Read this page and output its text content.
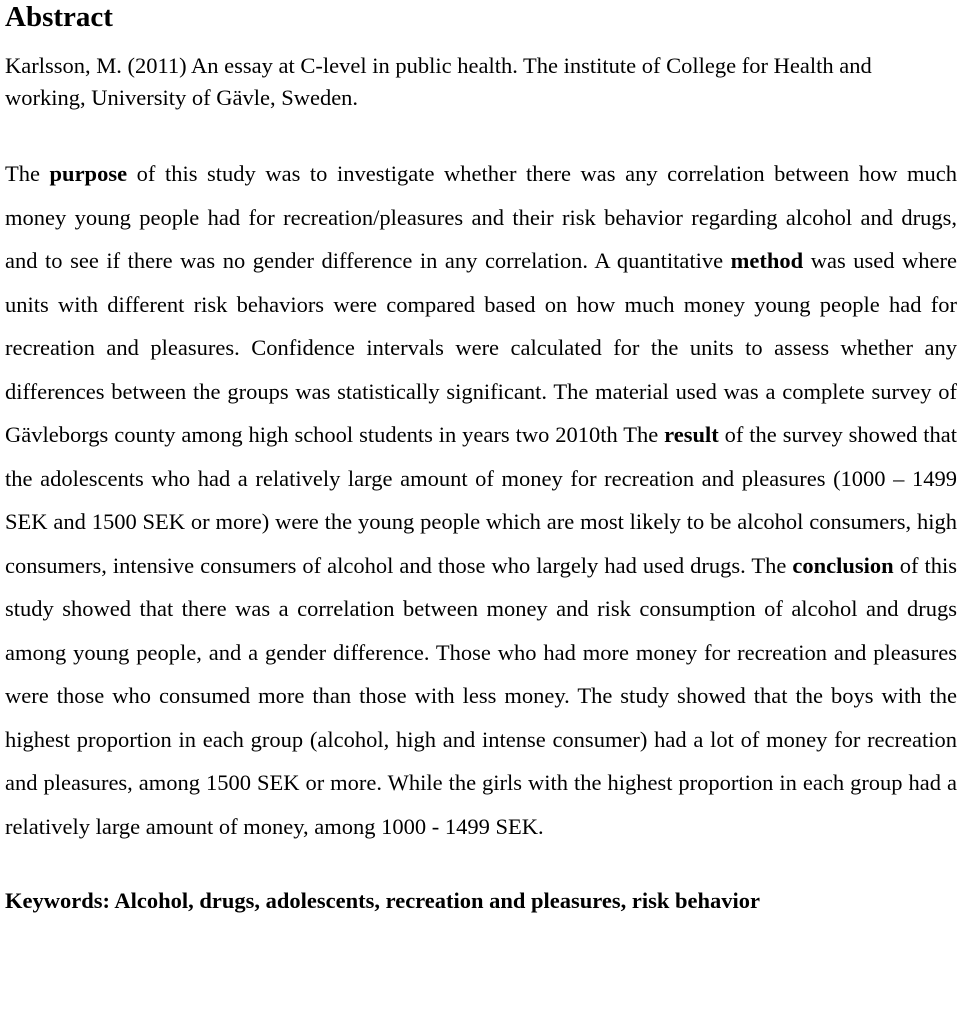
Abstract

Karlsson, M. (2011) An essay at C-level in public health. The institute of College for Health and working, University of Gävle, Sweden.

The purpose of this study was to investigate whether there was any correlation between how much money young people had for recreation/pleasures and their risk behavior regarding alcohol and drugs, and to see if there was no gender difference in any correlation. A quantitative method was used where units with different risk behaviors were compared based on how much money young people had for recreation and pleasures. Confidence intervals were calculated for the units to assess whether any differences between the groups was statistically significant. The material used was a complete survey of Gävleborgs county among high school students in years two 2010th The result of the survey showed that the adolescents who had a relatively large amount of money for recreation and pleasures (1000 – 1499 SEK and 1500 SEK or more) were the young people which are most likely to be alcohol consumers, high consumers, intensive consumers of alcohol and those who largely had used drugs. The conclusion of this study showed that there was a correlation between money and risk consumption of alcohol and drugs among young people, and a gender difference. Those who had more money for recreation and pleasures were those who consumed more than those with less money. The study showed that the boys with the highest proportion in each group (alcohol, high and intense consumer) had a lot of money for recreation and pleasures, among 1500 SEK or more. While the girls with the highest proportion in each group had a relatively large amount of money, among 1000 - 1499 SEK.

Keywords: Alcohol, drugs, adolescents, recreation and pleasures, risk behavior
